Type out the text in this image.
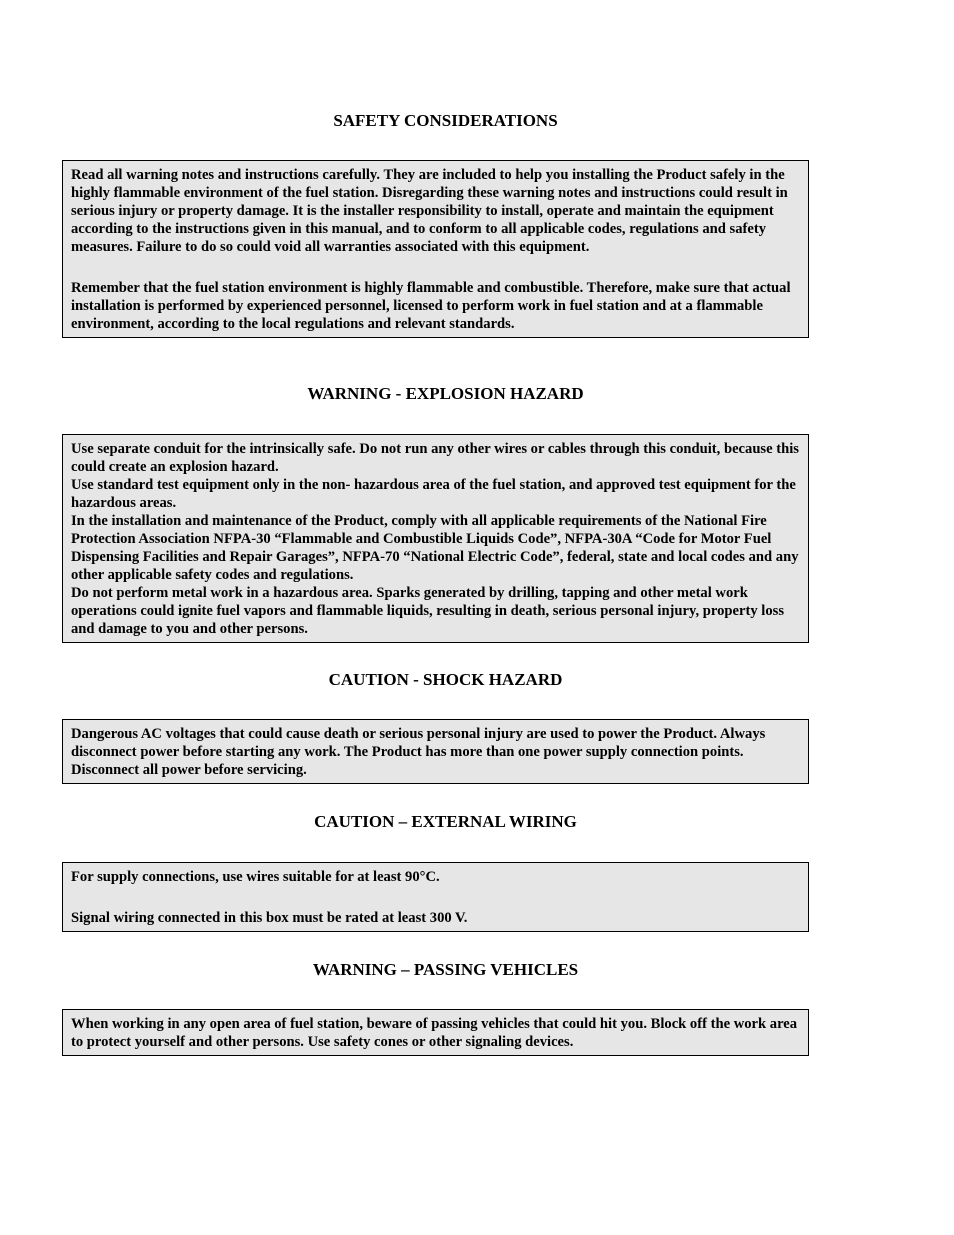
SAFETY CONSIDERATIONS

Read all warning notes and instructions carefully. They are included to help you installing the Product safely in the highly flammable environment of the fuel station. Disregarding these warning notes and instructions could result in serious injury or property damage. It is the installer responsibility to install, operate and maintain the equipment according to the instructions given in this manual, and to conform to all applicable codes, regulations and safety measures. Failure to do so could void all warranties associated with this equipment.

Remember that the fuel station environment is highly flammable and combustible. Therefore, make sure that actual installation is performed by experienced personnel, licensed to perform work in fuel station and at a flammable environment, according to the local regulations and relevant standards.

WARNING - EXPLOSION HAZARD

Use separate conduit for the intrinsically safe. Do not run any other wires or cables through this conduit, because this could create an explosion hazard.

Use standard test equipment only in the non- hazardous area of the fuel station, and approved test equipment for the hazardous areas.

In the installation and maintenance of the Product, comply with all applicable requirements of the National Fire Protection Association NFPA-30 “Flammable and Combustible Liquids Code”, NFPA-30A “Code for Motor Fuel Dispensing Facilities and Repair Garages”, NFPA-70 “National Electric Code”, federal, state and local codes and any other applicable safety codes and regulations.

Do not perform metal work in a hazardous area. Sparks generated by drilling, tapping and other metal work operations could ignite fuel vapors and flammable liquids, resulting in death, serious personal injury, property loss and damage to you and other persons.

CAUTION - SHOCK HAZARD

Dangerous AC voltages that could cause death or serious personal injury are used to power the Product. Always disconnect power before starting any work. The Product has more than one power supply connection points. Disconnect all power before servicing.

CAUTION – EXTERNAL WIRING

For supply connections, use wires suitable for at least 90°C.

Signal wiring connected in this box must be rated at least 300 V.

WARNING – PASSING VEHICLES

When working in any open area of fuel station, beware of passing vehicles that could hit you. Block off the work area to protect yourself and other persons. Use safety cones or other signaling devices.
